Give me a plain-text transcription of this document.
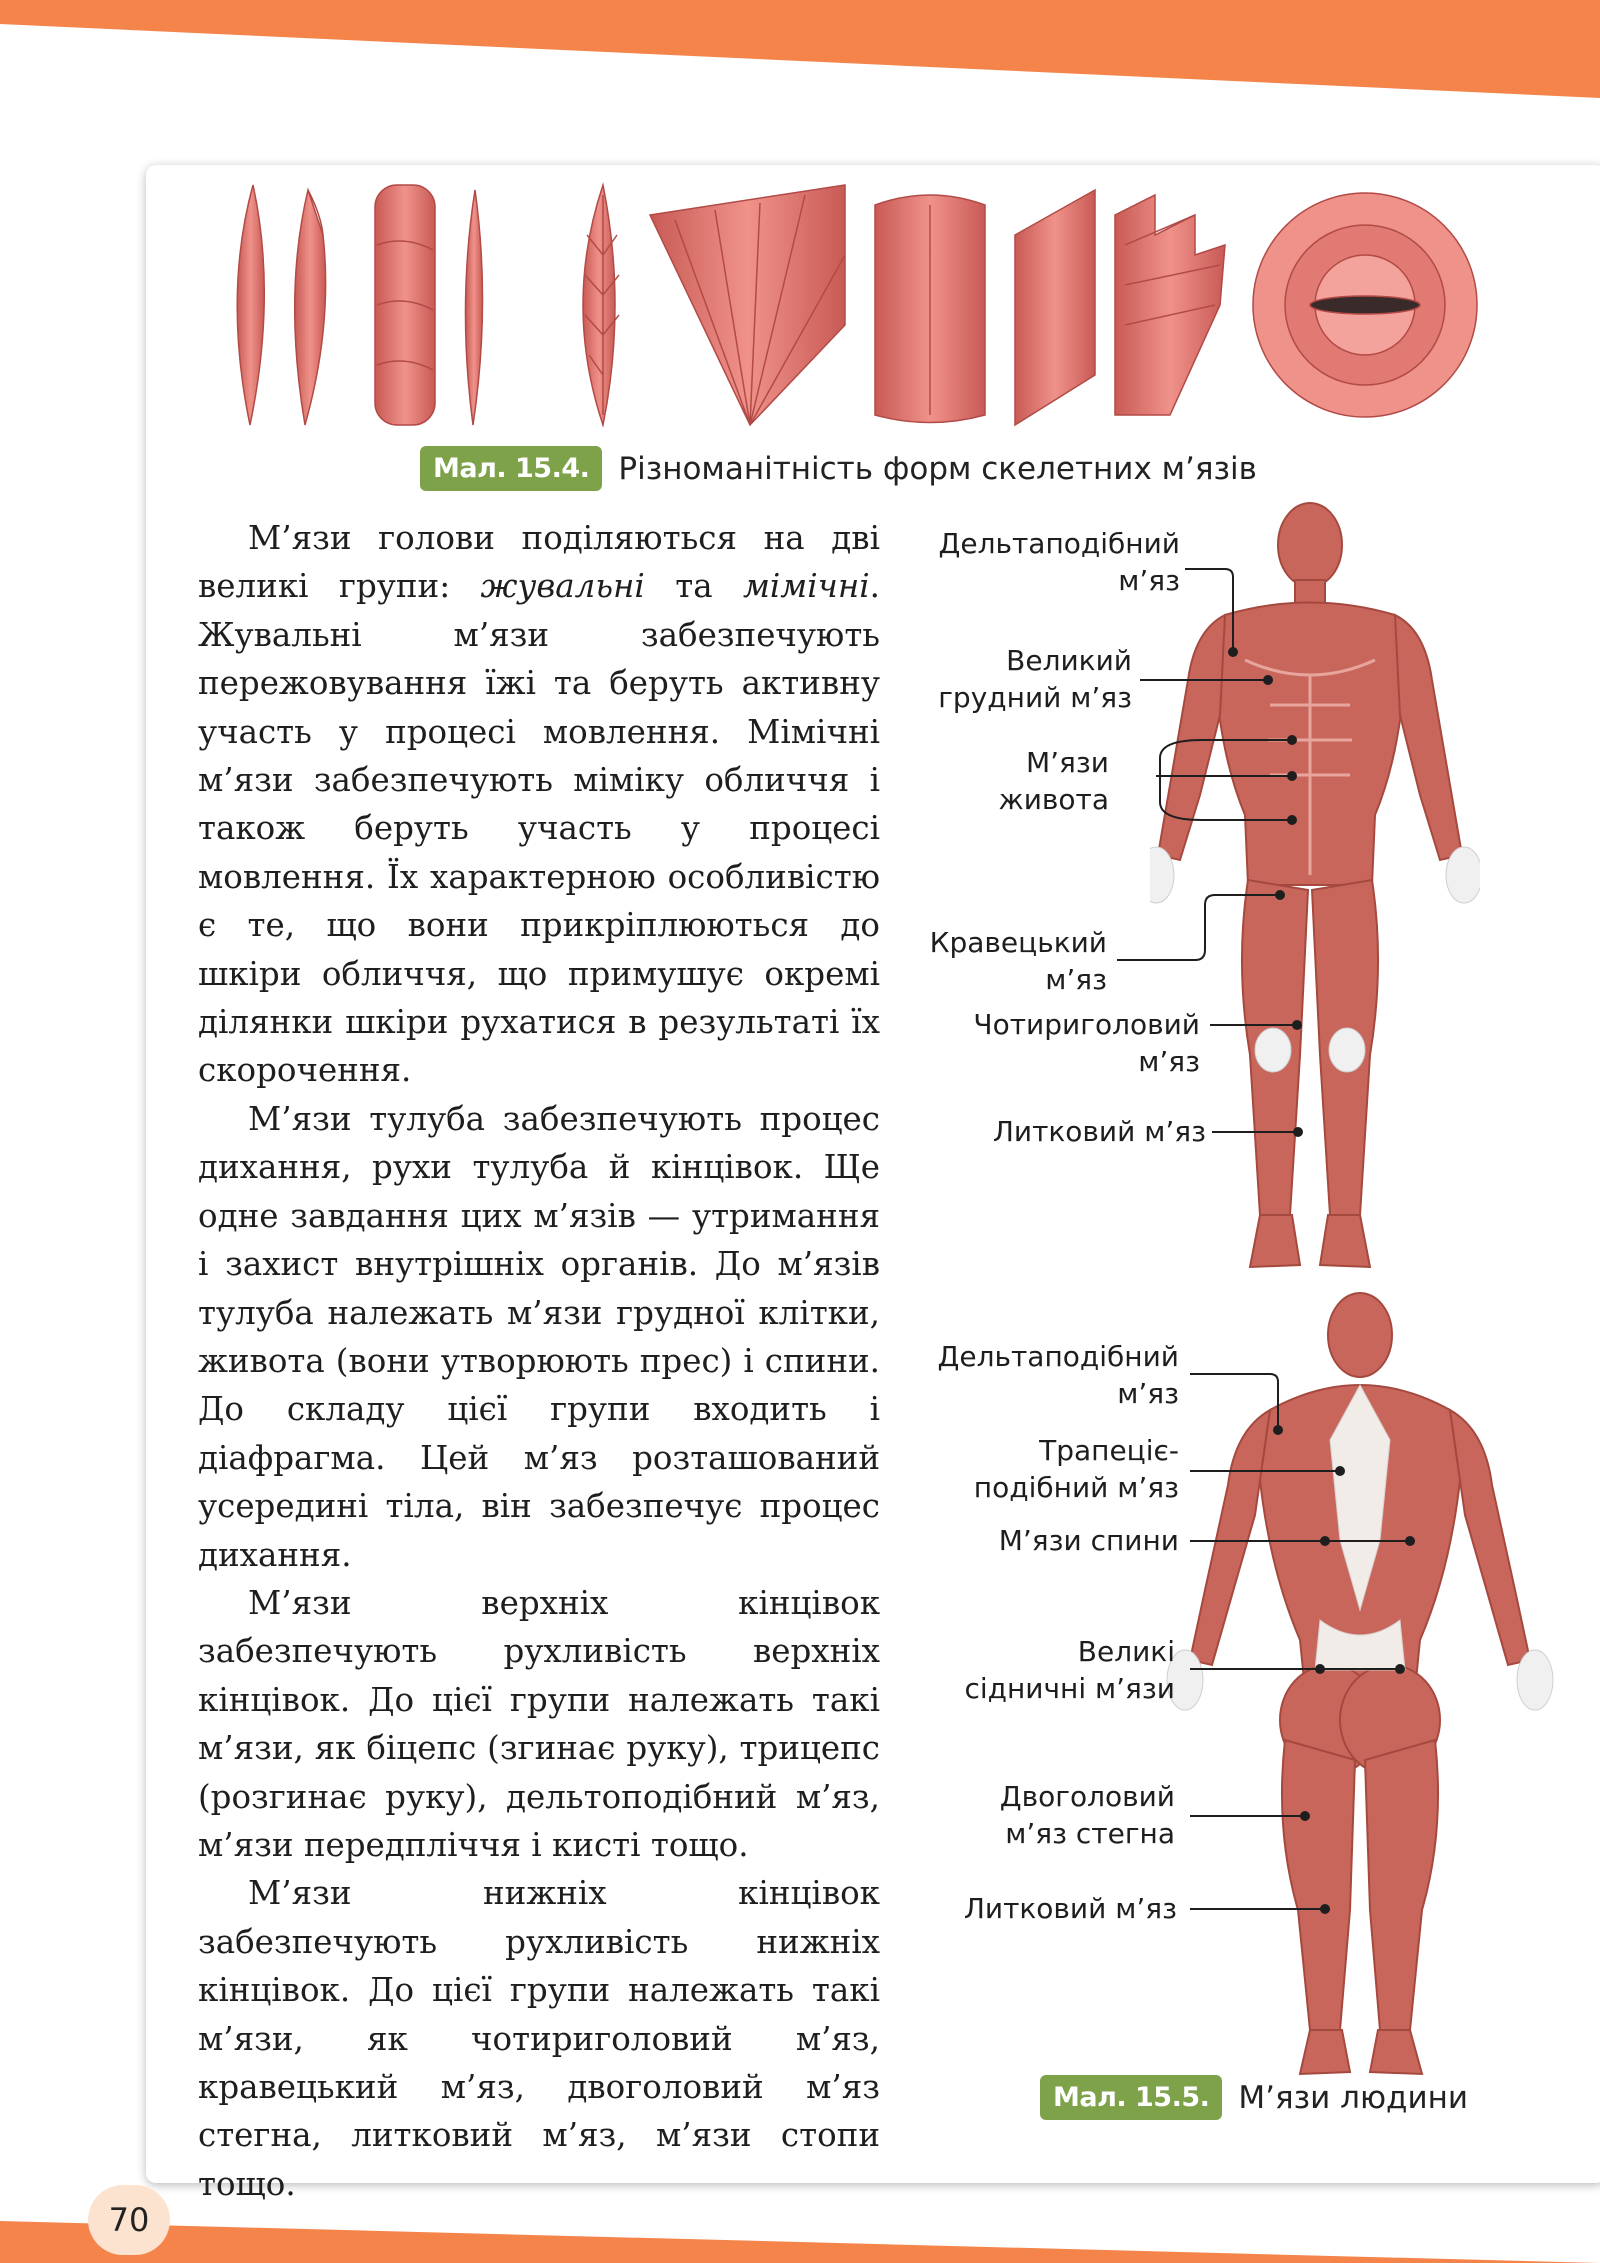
Мал. 15.4. Різноманітність форм скелетних м’язів

М’язи голови поділяються на дві великі групи: жувальні та мімічні. Жувальні м’язи забезпечують пережовування їжі та беруть активну участь у процесі мовлення. Мімічні м’язи забезпечують міміку обличчя і також беруть участь у процесі мовлення. Їх характерною особливістю є те, що вони прикріплюються до шкіри обличчя, що примушує окремі ділянки шкіри рухатися в результаті їх скорочення.

М’язи тулуба забезпечують процес дихання, рухи тулуба й кінцівок. Ще одне завдання цих м’язів — утримання і захист внутрішніх органів. До м’язів тулуба належать м’язи грудної клітки, живота (вони утворюють прес) і спини. До складу цієї групи входить і діафрагма. Цей м’яз розташований усередині тіла, він забезпечує процес дихання.

М’язи верхніх кінцівок забезпечують рухливість верхніх кінцівок. До цієї групи належать такі м’язи, як біцепс (згинає руку), трицепс (розгинає руку), дельтоподібний м’яз, м’язи передпліччя і кисті тощо.

М’язи нижніх кінцівок забезпечують рухливість нижніх кінцівок. До цієї групи належать такі м’язи, як чотириголовий м’яз, кравецький м’яз, двоголовий м’яз стегна, литковий м’яз, м’язи стопи тощо.

Дельтаподібний
м’яз
Великий
грудний м’яз
М’язи
живота
Кравецький
м’яз
Чотириголовий
м’яз
Литковий м’яз
Дельтаподібний
м’яз
Трапеціє-
подібний м’яз
М’язи спини
Великі
сідничні м’язи
Двоголовий
м’яз стегна
Литковий м’яз
Мал. 15.5. М’язи людини
70
